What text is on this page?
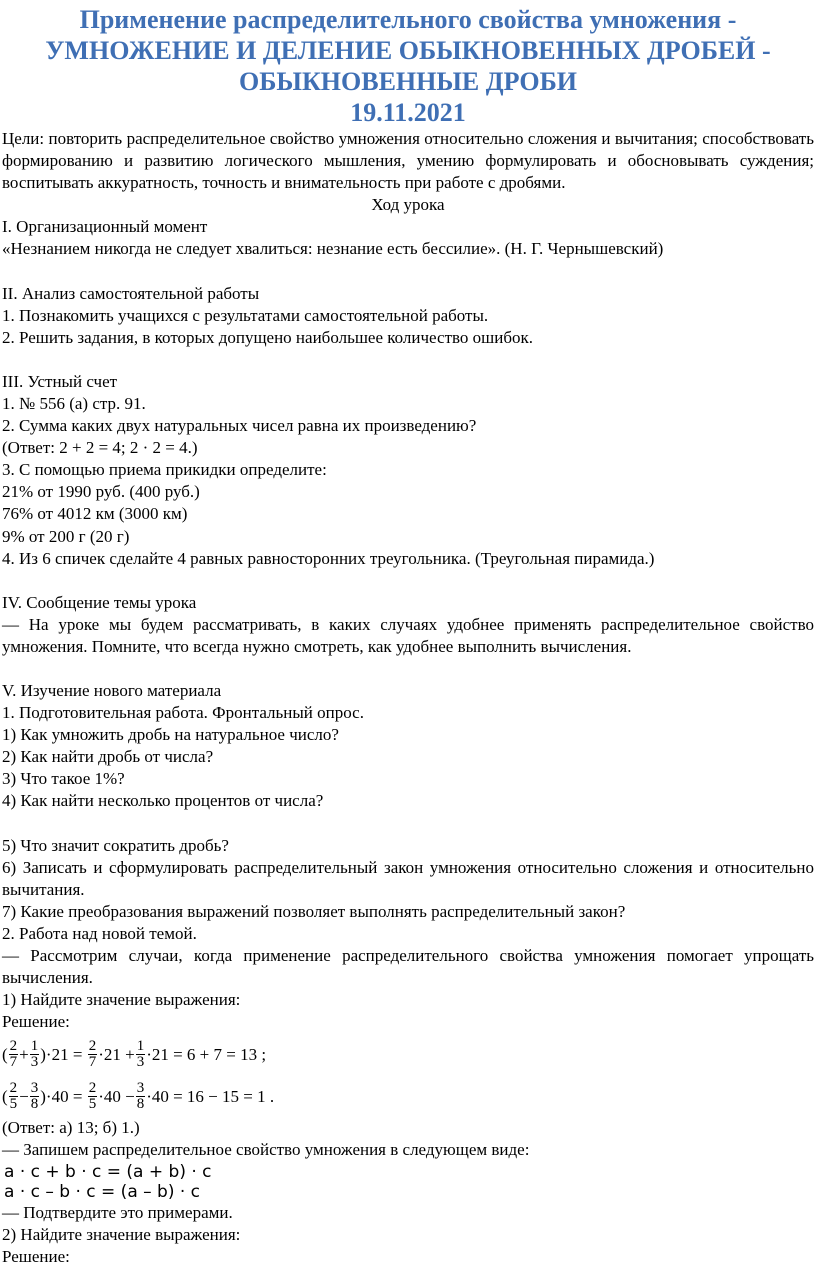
Применение распределительного свойства умножения -
УМНОЖЕНИЕ И ДЕЛЕНИЕ ОБЫКНОВЕННЫХ ДРОБЕЙ -
ОБЫКНОВЕННЫЕ ДРОБИ
19.11.2021

Цели: повторить распределительное свойство умножения относительно сложения и вычитания; способствовать формированию и развитию логического мышления, умению формулировать и обосновывать суждения; воспитывать аккуратность, точность и внимательность при работе с дробями.

Ход урока

I. Организационный момент

«Незнанием никогда не следует хвалиться: незнание есть бессилие». (Н. Г. Чернышевский)

II. Анализ самостоятельной работы

1. Познакомить учащихся с результатами самостоятельной работы.

2. Решить задания, в которых допущено наибольшее количество ошибок.

III. Устный счет

1. № 556 (а) стр. 91.

2. Сумма каких двух натуральных чисел равна их произведению?

(Ответ: 2 + 2 = 4; 2 · 2 = 4.)

3. С помощью приема прикидки определите:

21% от 1990 руб. (400 руб.)

76% от 4012 км (3000 км)

9% от 200 г (20 г)

4. Из 6 спичек сделайте 4 равных равносторонних треугольника. (Треугольная пирамида.)

IV. Сообщение темы урока

— На уроке мы будем рассматривать, в каких случаях удобнее применять распределительное свойство умножения. Помните, что всегда нужно смотреть, как удобнее выполнить вычисления.

V. Изучение нового материала

1. Подготовительная работа. Фронтальный опрос.

1) Как умножить дробь на натуральное число?

2) Как найти дробь от числа?

3) Что такое 1%?

4) Как найти несколько процентов от числа?

5) Что значит сократить дробь?

6) Записать и сформулировать распределительный закон умножения относительно сложения и относительно вычитания.

7) Какие преобразования выражений позволяет выполнять распределительный закон?

2. Работа над новой темой.

— Рассмотрим случаи, когда применение распределительного свойства умножения помогает упрощать вычисления.

1) Найдите значение выражения:

Решение:

( $\frac{2}{7} + \frac{1}{3} )\cdot 21$ =
$\frac{2}{7} \cdot 21 + \frac{1}{3} \cdot 21 = 6 + 7 = 13$ ;
( $\frac{2}{5} - \frac{3}{8} )\cdot 40$ =
$\frac{2}{5} \cdot 40 - \frac{3}{8} \cdot 40 = 16 - 15 = 1$ .

(Ответ: а) 13; б) 1.)

— Запишем распределительное свойство умножения в следующем виде:

a · c + b · c = (a + b) · c

a · c – b · c = (a – b) · c

— Подтвердите это примерами.

2) Найдите значение выражения:

Решение:
